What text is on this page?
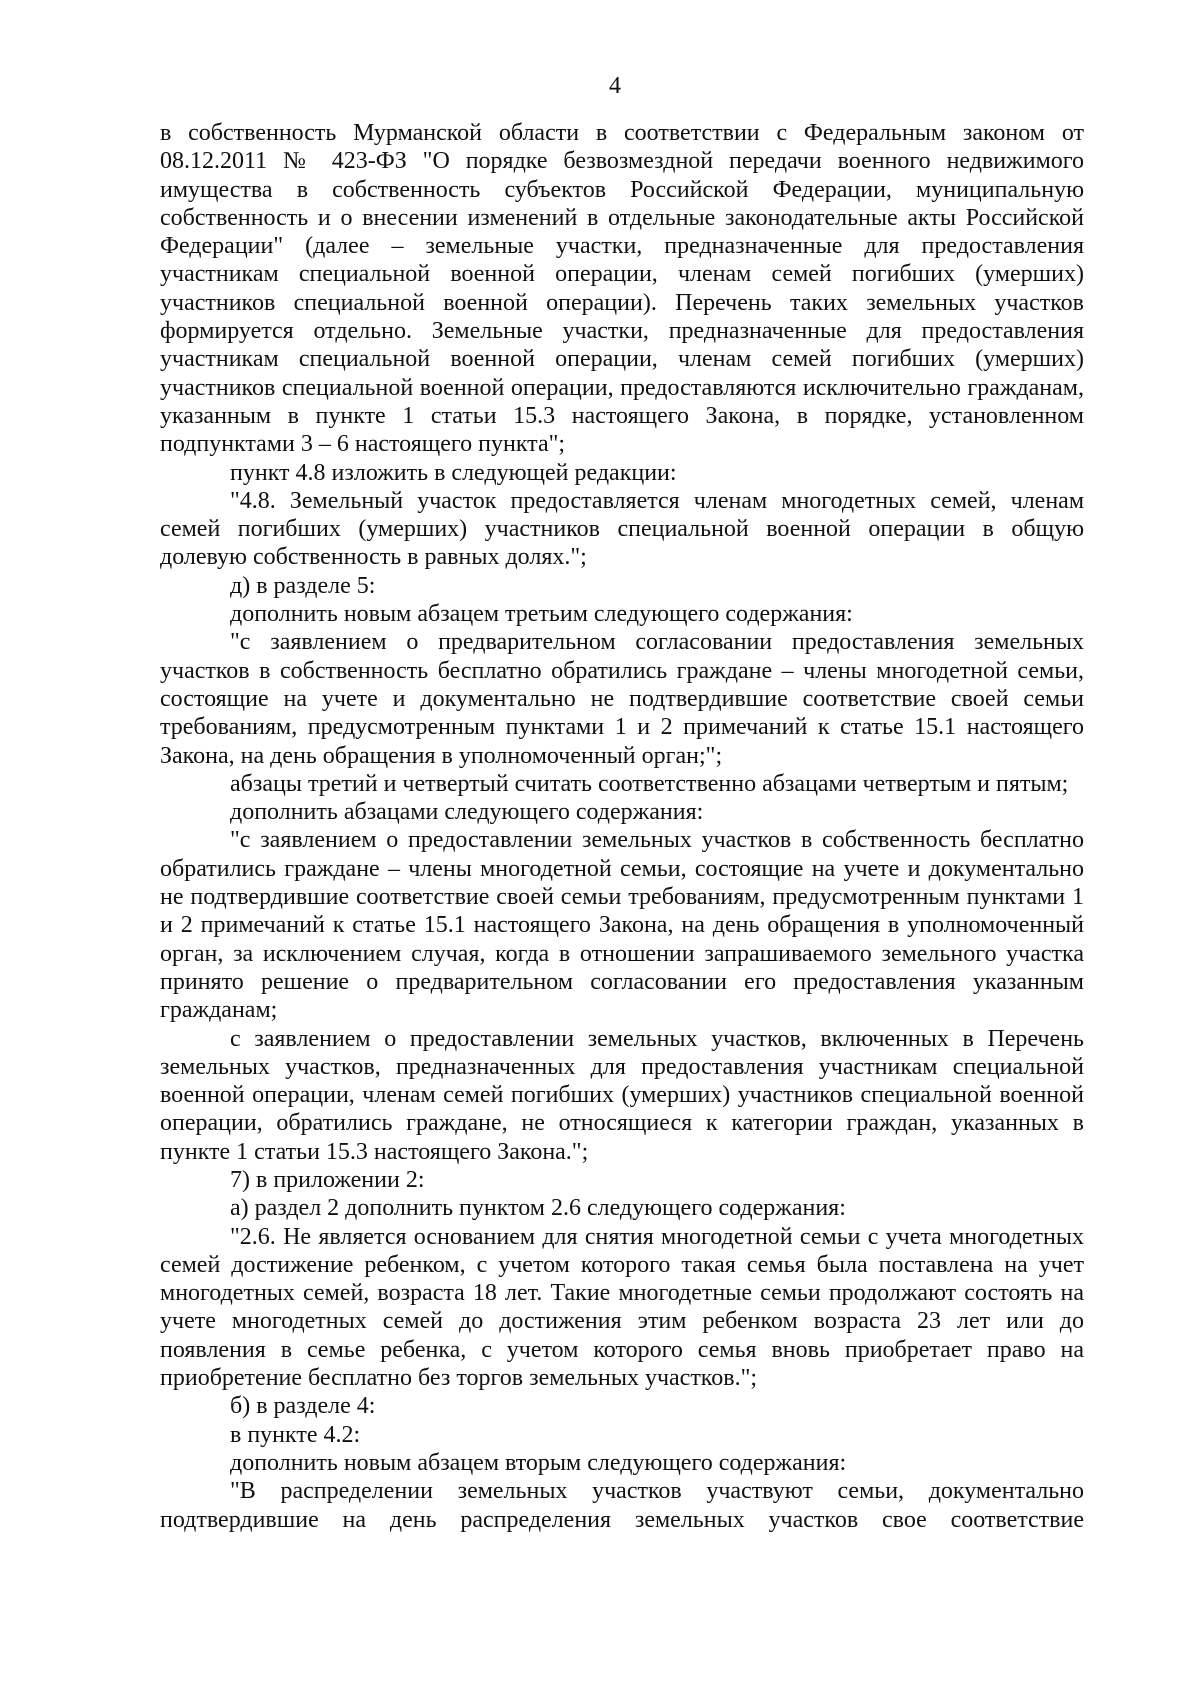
4

в собственность Мурманской области в соответствии с Федеральным законом от 08.12.2011 № 423-ФЗ "О порядке безвозмездной передачи военного недвижимого имущества в собственность субъектов Российской Федерации, муниципальную собственность и о внесении изменений в отдельные законодательные акты Российской Федерации" (далее – земельные участки, предназначенные для предоставления участникам специальной военной операции, членам семей погибших (умерших) участников специальной военной операции). Перечень таких земельных участков формируется отдельно. Земельные участки, предназначенные для предоставления участникам специальной военной операции, членам семей погибших (умерших) участников специальной военной операции, предоставляются исключительно гражданам, указанным в пункте 1 статьи 15.3 настоящего Закона, в порядке, установленном подпунктами 3 – 6 настоящего пункта";

пункт 4.8 изложить в следующей редакции:

"4.8. Земельный участок предоставляется членам многодетных семей, членам семей погибших (умерших) участников специальной военной операции в общую долевую собственность в равных долях.";

д) в разделе 5:

дополнить новым абзацем третьим следующего содержания:

"с заявлением о предварительном согласовании предоставления земельных участков в собственность бесплатно обратились граждане – члены многодетной семьи, состоящие на учете и документально не подтвердившие соответствие своей семьи требованиям, предусмотренным пунктами 1 и 2 примечаний к статье 15.1 настоящего Закона, на день обращения в уполномоченный орган;";

абзацы третий и четвертый считать соответственно абзацами четвертым и пятым;

дополнить абзацами следующего содержания:

"с заявлением о предоставлении земельных участков в собственность бесплатно обратились граждане – члены многодетной семьи, состоящие на учете и документально не подтвердившие соответствие своей семьи требованиям, предусмотренным пунктами 1 и 2 примечаний к статье 15.1 настоящего Закона, на день обращения в уполномоченный орган, за исключением случая, когда в отношении запрашиваемого земельного участка принято решение о предварительном согласовании его предоставления указанным гражданам;

с заявлением о предоставлении земельных участков, включенных в Перечень земельных участков, предназначенных для предоставления участникам специальной военной операции, членам семей погибших (умерших) участников специальной военной операции, обратились граждане, не относящиеся к категории граждан, указанных в пункте 1 статьи 15.3 настоящего Закона.";

7) в приложении 2:

а) раздел 2 дополнить пунктом 2.6 следующего содержания:

"2.6. Не является основанием для снятия многодетной семьи с учета многодетных семей достижение ребенком, с учетом которого такая семья была поставлена на учет многодетных семей, возраста 18 лет. Такие многодетные семьи продолжают состоять на учете многодетных семей до достижения этим ребенком возраста 23 лет или до появления в семье ребенка, с учетом которого семья вновь приобретает право на приобретение бесплатно без торгов земельных участков.";

б) в разделе 4:

в пункте 4.2:

дополнить новым абзацем вторым следующего содержания:

"В распределении земельных участков участвуют семьи, документально подтвердившие на день распределения земельных участков свое соответствие
